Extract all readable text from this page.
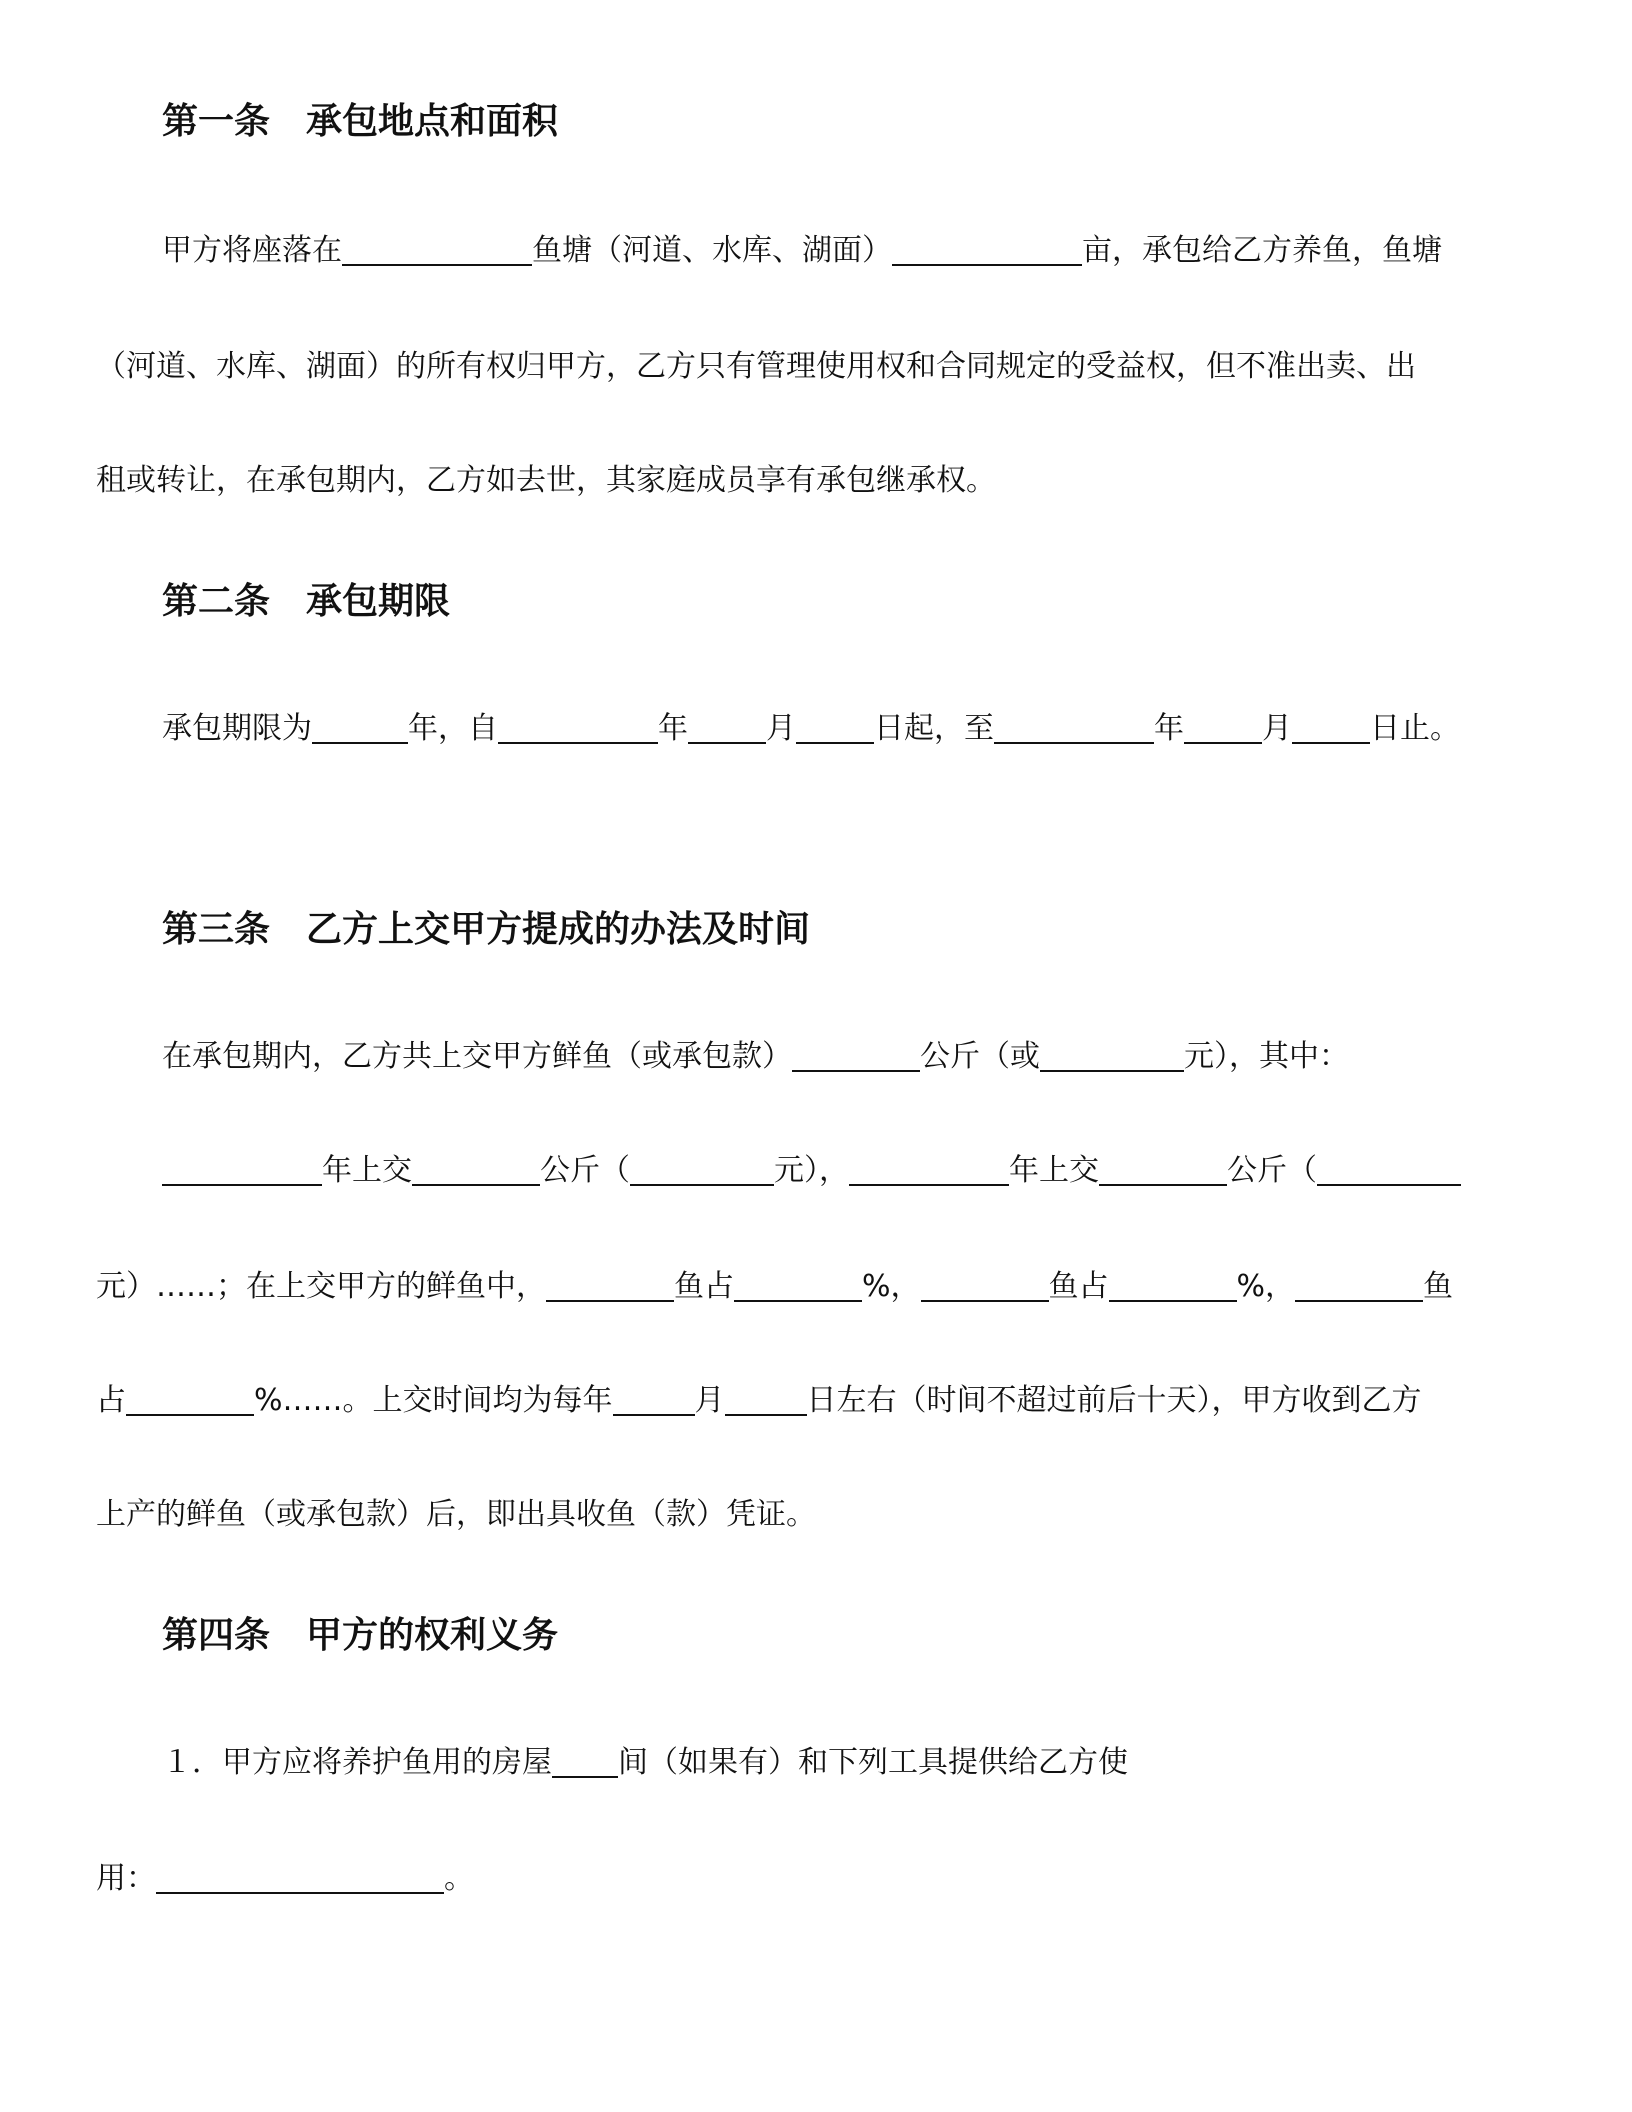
第一条　承包地点和面积
甲方将座落在	鱼塘（河道、水库、湖面）	亩，承包给乙方养鱼，鱼塘
（河道、水库、湖面）的所有权归甲方，乙方只有管理使用权和合同规定的受益权，但不准出卖、出
租或转让，在承包期内，乙方如去世，其家庭成员享有承包继承权。
第二条　承包期限
承包期限为	年，自	年	月	日起，至	年	月	日止。
第三条　乙方上交甲方提成的办法及时间
在承包期内，乙方共上交甲方鲜鱼（或承包款）	公斤（或	元），其中：
年上交	公斤（	元），	年上交	公斤（
元）……；在上交甲方的鲜鱼中，	鱼占	%，	鱼占	%，	鱼
占	%……。上交时间均为每年	月	日左右（时间不超过前后十天），甲方收到乙方
上产的鲜鱼（或承包款）后，即出具收鱼（款）凭证。
第四条　甲方的权利义务
１．甲方应将养护鱼用的房屋 间（如果有）和下列工具提供给乙方使
用：	。
